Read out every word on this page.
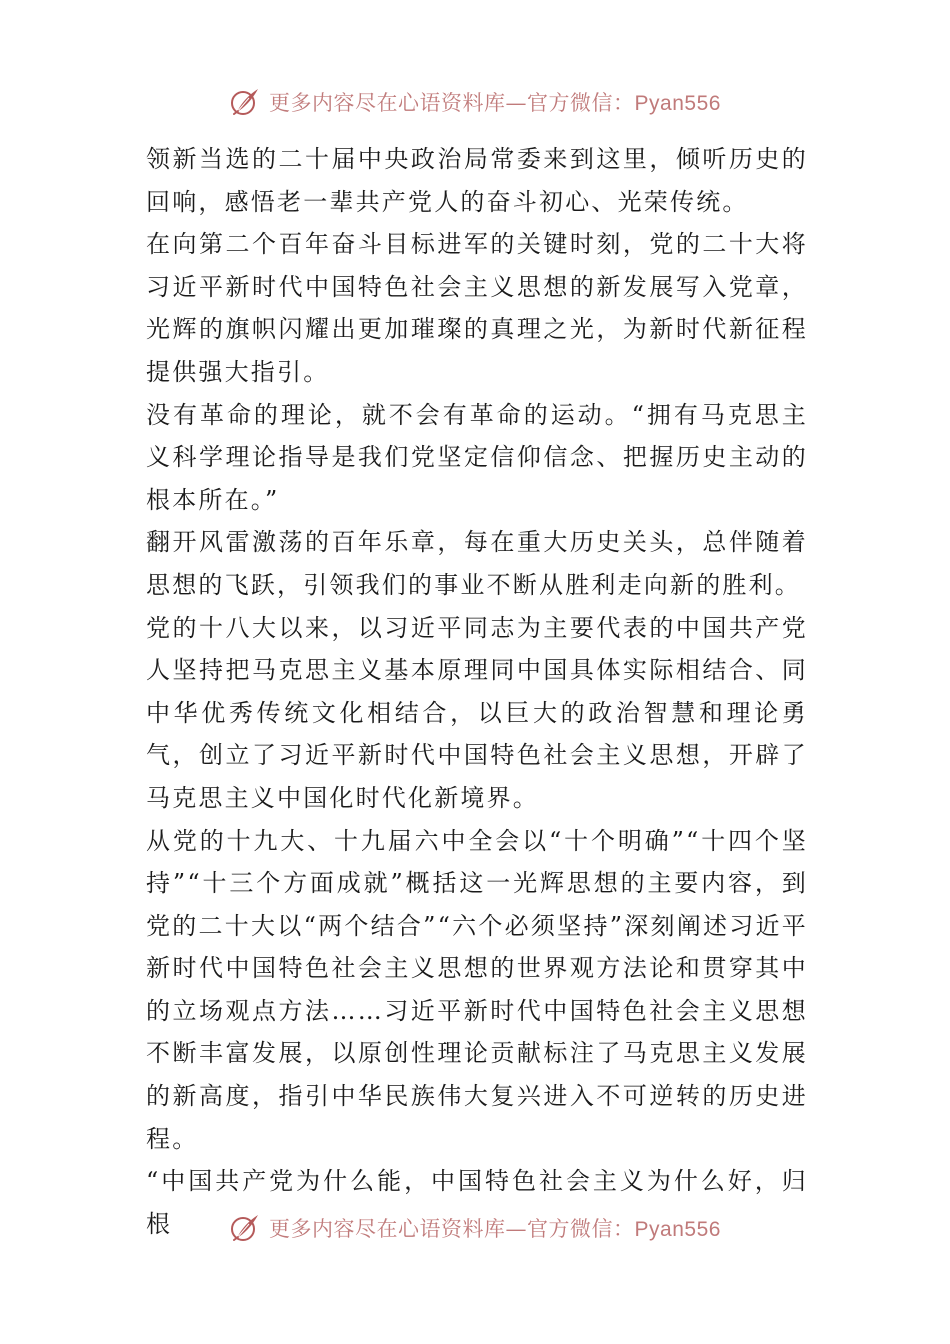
更多内容尽在心语资料库—官方微信：Pyan556

领新当选的二十届中央政治局常委来到这里，倾听历史的回响，感悟老一辈共产党人的奋斗初心、光荣传统。

在向第二个百年奋斗目标进军的关键时刻，党的二十大将习近平新时代中国特色社会主义思想的新发展写入党章，光辉的旗帜闪耀出更加璀璨的真理之光，为新时代新征程提供强大指引。

没有革命的理论，就不会有革命的运动。“拥有马克思主义科学理论指导是我们党坚定信仰信念、把握历史主动的根本所在。”

翻开风雷激荡的百年乐章，每在重大历史关头，总伴随着思想的飞跃，引领我们的事业不断从胜利走向新的胜利。

党的十八大以来，以习近平同志为主要代表的中国共产党人坚持把马克思主义基本原理同中国具体实际相结合、同中华优秀传统文化相结合，以巨大的政治智慧和理论勇气，创立了习近平新时代中国特色社会主义思想，开辟了马克思主义中国化时代化新境界。

从党的十九大、十九届六中全会以“十个明确”“十四个坚持”“十三个方面成就”概括这一光辉思想的主要内容，到党的二十大以“两个结合”“六个必须坚持”深刻阐述习近平新时代中国特色社会主义思想的世界观方法论和贯穿其中的立场观点方法……习近平新时代中国特色社会主义思想不断丰富发展，以原创性理论贡献标注了马克思主义发展的新高度，指引中华民族伟大复兴进入不可逆转的历史进程。

“中国共产党为什么能，中国特色社会主义为什么好，归根	更多内容尽在心语资料库—官方微信：Pyan556
